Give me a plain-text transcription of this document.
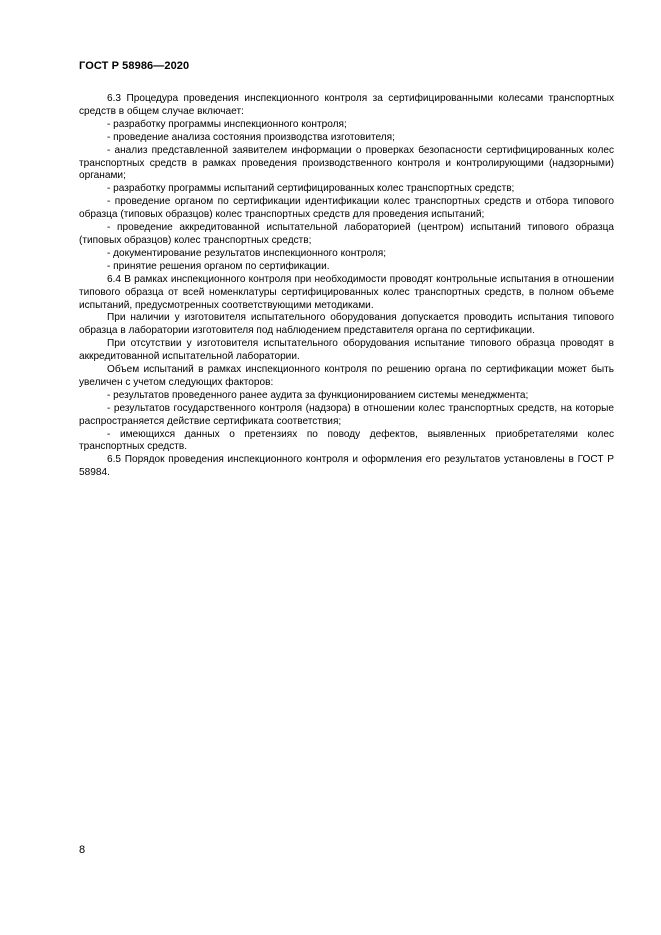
ГОСТ Р 58986—2020

6.3 Процедура проведения инспекционного контроля за сертифицированными колесами транспортных средств в общем случае включает:

- разработку программы инспекционного контроля;

- проведение анализа состояния производства изготовителя;

- анализ представленной заявителем информации о проверках безопасности сертифицированных колес транспортных средств в рамках проведения производственного контроля и контролирующими (надзорными) органами;

- разработку программы испытаний сертифицированных колес транспортных средств;

- проведение органом по сертификации идентификации колес транспортных средств и отбора типового образца (типовых образцов) колес транспортных средств для проведения испытаний;

- проведение аккредитованной испытательной лабораторией (центром) испытаний типового образца (типовых образцов) колес транспортных средств;

- документирование результатов инспекционного контроля;

- принятие решения органом по сертификации.

6.4 В рамках инспекционного контроля при необходимости проводят контрольные испытания в отношении типового образца от всей номенклатуры сертифицированных колес транспортных средств, в полном объеме испытаний, предусмотренных соответствующими методиками.

При наличии у изготовителя испытательного оборудования допускается проводить испытания типового образца в лаборатории изготовителя под наблюдением представителя органа по сертификации.

При отсутствии у изготовителя испытательного оборудования испытание типового образца проводят в аккредитованной испытательной лаборатории.

Объем испытаний в рамках инспекционного контроля по решению органа по сертификации может быть увеличен с учетом следующих факторов:

- результатов проведенного ранее аудита за функционированием системы менеджмента;

- результатов государственного контроля (надзора) в отношении колес транспортных средств, на которые распространяется действие сертификата соответствия;

- имеющихся данных о претензиях по поводу дефектов, выявленных приобретателями колес транспортных средств.

6.5 Порядок проведения инспекционного контроля и оформления его результатов установлены в ГОСТ Р 58984.

8
